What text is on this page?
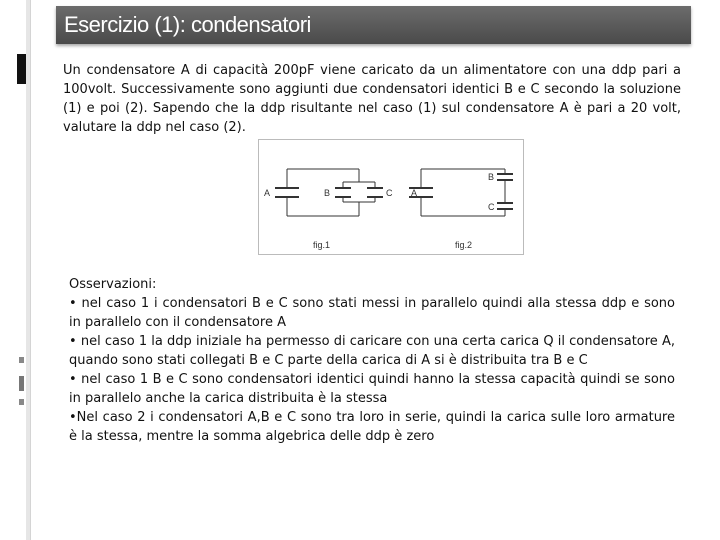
Esercizio (1): condensatori

Un condensatore A di capacità 200pF viene caricato da un alimentatore con una ddp pari a 100volt. Successivamente sono aggiunti due condensatori identici B e C secondo la soluzione (1) e poi (2). Sapendo che la ddp risultante nel caso (1) sul condensatore A è pari a 20 volt, valutare la ddp nel caso (2).

A	B	C
fig.1
A
B
C
fig.2

Osservazioni:

• nel caso 1 i condensatori B e C sono stati messi in parallelo quindi alla stessa ddp e sono in parallelo con il condensatore A

• nel caso 1 la ddp iniziale ha permesso di caricare con una certa carica Q il condensatore A, quando sono stati collegati B e C parte della carica di A si è distribuita tra B e C

• nel caso 1 B e C sono condensatori identici quindi hanno la stessa capacità quindi se sono in parallelo anche la carica distribuita è la stessa

•Nel caso 2 i condensatori A,B e C sono tra loro in serie, quindi la carica sulle loro armature è la stessa, mentre la somma algebrica delle ddp è zero
